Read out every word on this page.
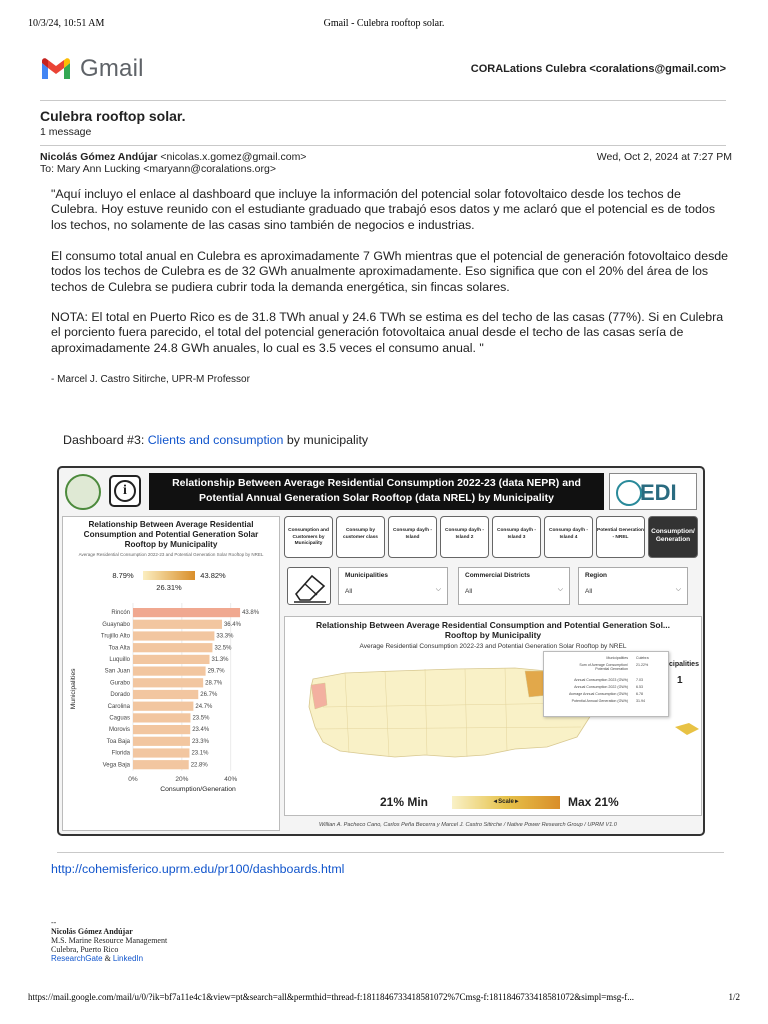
10/3/24, 10:51 AM	Gmail - Culebra rooftop solar.
Gmail	CORALations Culebra <coralations@gmail.com>
Culebra rooftop solar.
1 message
Nicolás Gómez Andújar <nicolas.x.gomez@gmail.com>	Wed, Oct 2, 2024 at 7:27 PM
To: Mary Ann Lucking <maryann@coralations.org>
"Aquí incluyo el enlace al dashboard que incluye la información del potencial solar fotovoltaico desde los techos de Culebra. Hoy estuve reunido con el estudiante graduado que trabajó esos datos y me aclaró que el potencial es de todos los techos, no solamente de las casas sino también de negocios e industrias.
El consumo total anual en Culebra es aproximadamente 7 GWh mientras que el potencial de generación fotovoltaico desde todos los techos de Culebra es de 32 GWh anualmente aproximadamente. Eso significa que con el 20% del área de los techos de Culebra se pudiera cubrir toda la demanda energética, sin fincas solares.
NOTA: El total en Puerto Rico es de 31.8 TWh anual y 24.6 TWh se estima es del techo de las casas (77%). Si en Culebra el porciento fuera parecido, el total del potencial generación fotovoltaica anual desde el techo de las casas sería de aproximadamente 24.8 GWh anuales, lo cual es 3.5 veces el consumo anual. "
- Marcel J. Castro Sitirche, UPR-M Professor
Dashboard #3: Clients and consumption by municipality
i	Relationship Between Average Residential Consumption 2022-23 (data NEPR) and
Potential Annual Generation Solar Rooftop (data NREL) by Municipality	EDI
Relationship Between Average Residential Consumption and Potential Generation Solar Rooftop by Municipality
Average Residential Consumption 2022-23 and Potential Generation Solar Rooftop by NREL
8.79%	43.82%
26.31%
0%	20%	40%
Rincón	43.8%
Guaynabo	36.4%
Trujillo Alto	33.3%
Toa Alta	32.5%
Luquillo	31.3%
San Juan	29.7%
Gurabo	28.7%
Dorado	26.7%
Carolina	24.7%
Caguas	23.5%
Morovis	23.4%
Toa Baja	23.3%
Florida	23.1%
Vega Baja	22.8%
Consumption/Generation
Municipalities
Consumption and Customers by Municipality
Consump by customer class
Consump day/h - Island
Consump day/h - Island 2
Consump day/h - Island 3
Consump day/h - Island 4
Potential Generation - NREL
Consumption/ Generation
Municipalities
All	⌵
Commercial Districts
All	⌵
Region
All	⌵
Relationship Between Average Residential Consumption and Potential Generation Sol...
Rooftop by Municipality
Average Residential Consumption 2022-23 and Potential Generation Solar Rooftop by NREL
cipalities
1
Municipalities Culebra
Sum of Average Consumption/ Potential Generation
21.22%
Annual Consumption 2023 (GWh) 7.03
Annual Consumption 2022 (GWh) 6.53
Average Annual Consumption (GWh) 6.78
Potential Annual Generation (GWh) 31.94
21% Min	◄Scale►	Max 21%
Willian A. Pacheco Cano, Carlos Peña Becerra y Marcel J. Castro Sitirche / Native Power Research Group / UPRM V1.0
http://cohemisferico.uprm.edu/pr100/dashboards.html
--
Nicolás Gómez Andújar
M.S. Marine Resource Management
Culebra, Puerto Rico
ResearchGate & LinkedIn
https://mail.google.com/mail/u/0/?ik=bf7a11e4c1&view=pt&search=all&permthid=thread-f:1811846733418581072%7Cmsg-f:1811846733418581072&simpl=msg-f...	1/2
